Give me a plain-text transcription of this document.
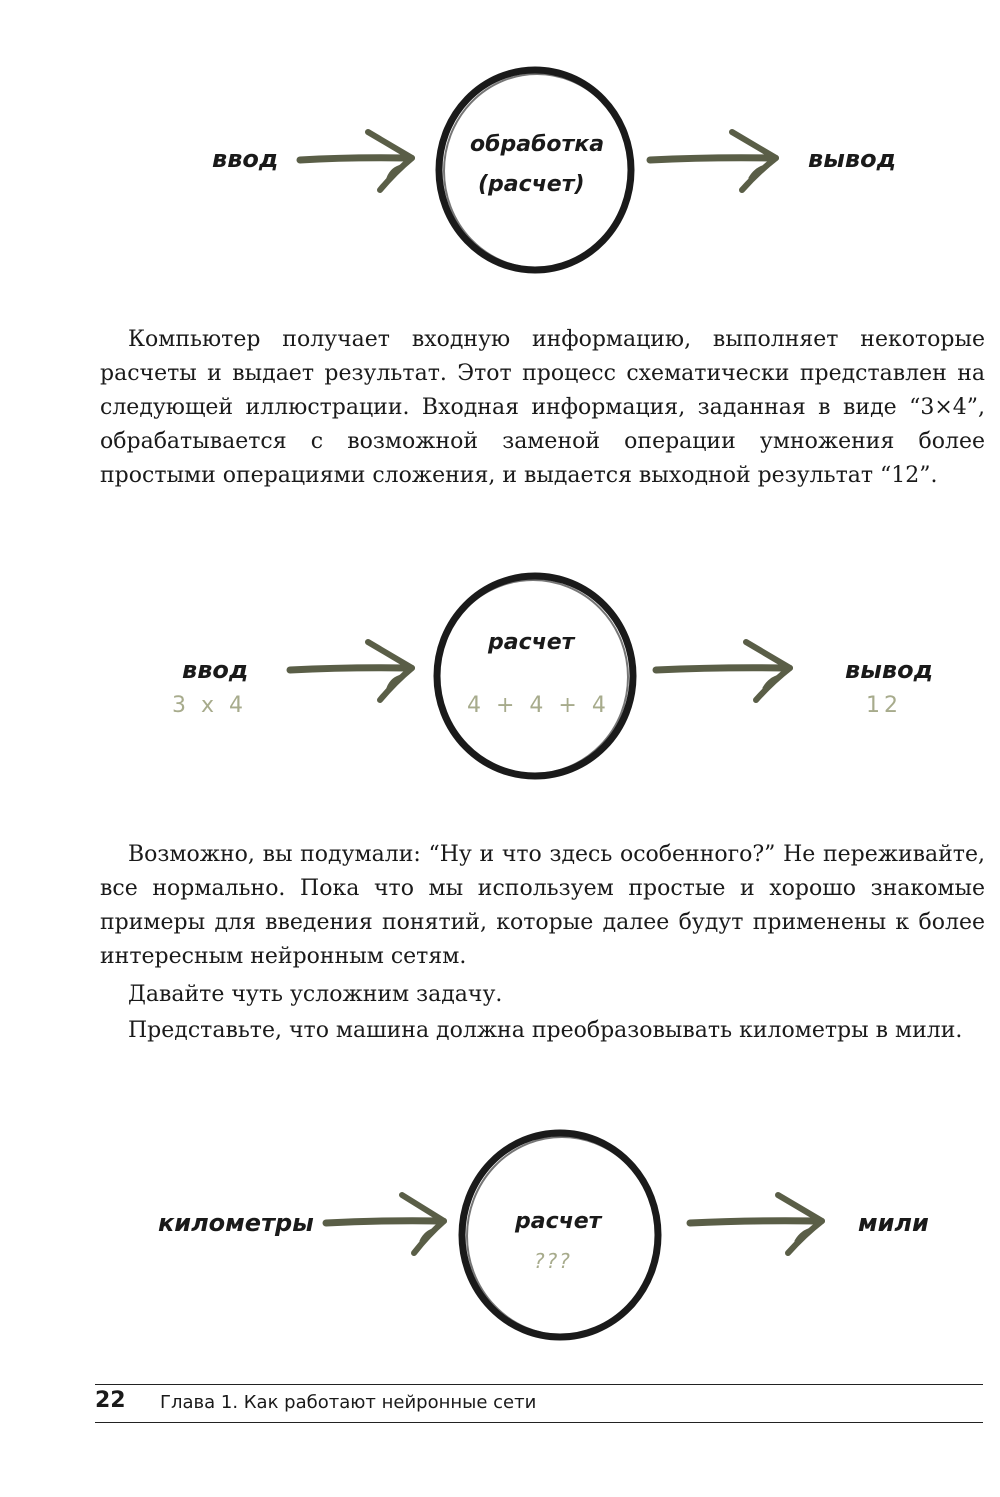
ввод
обработка
(расчет)
вывод

Компьютер получает входную информацию, выполняет некоторые расчеты и выдает результат. Этот процесс схематически представлен на следующей иллюстрации. Входная информация, заданная в виде “3×4”, обрабатывается с возможной заменой операции умножения более простыми операциями сложения, и выдается выходной результат “12”.

ввод
3 x 4
расчет
4 + 4 + 4
вывод
12

Возможно, вы подумали: “Ну и что здесь особенного?” Не переживайте, все нормально. Пока что мы используем простые и хорошо знакомые примеры для введения понятий, которые далее будут применены к более интересным нейронным сетям.

Давайте чуть усложним задачу.

Представьте, что машина должна преобразовывать километры в мили.

километры	расчет
???
мили
22 Глава 1. Как работают нейронные сети
